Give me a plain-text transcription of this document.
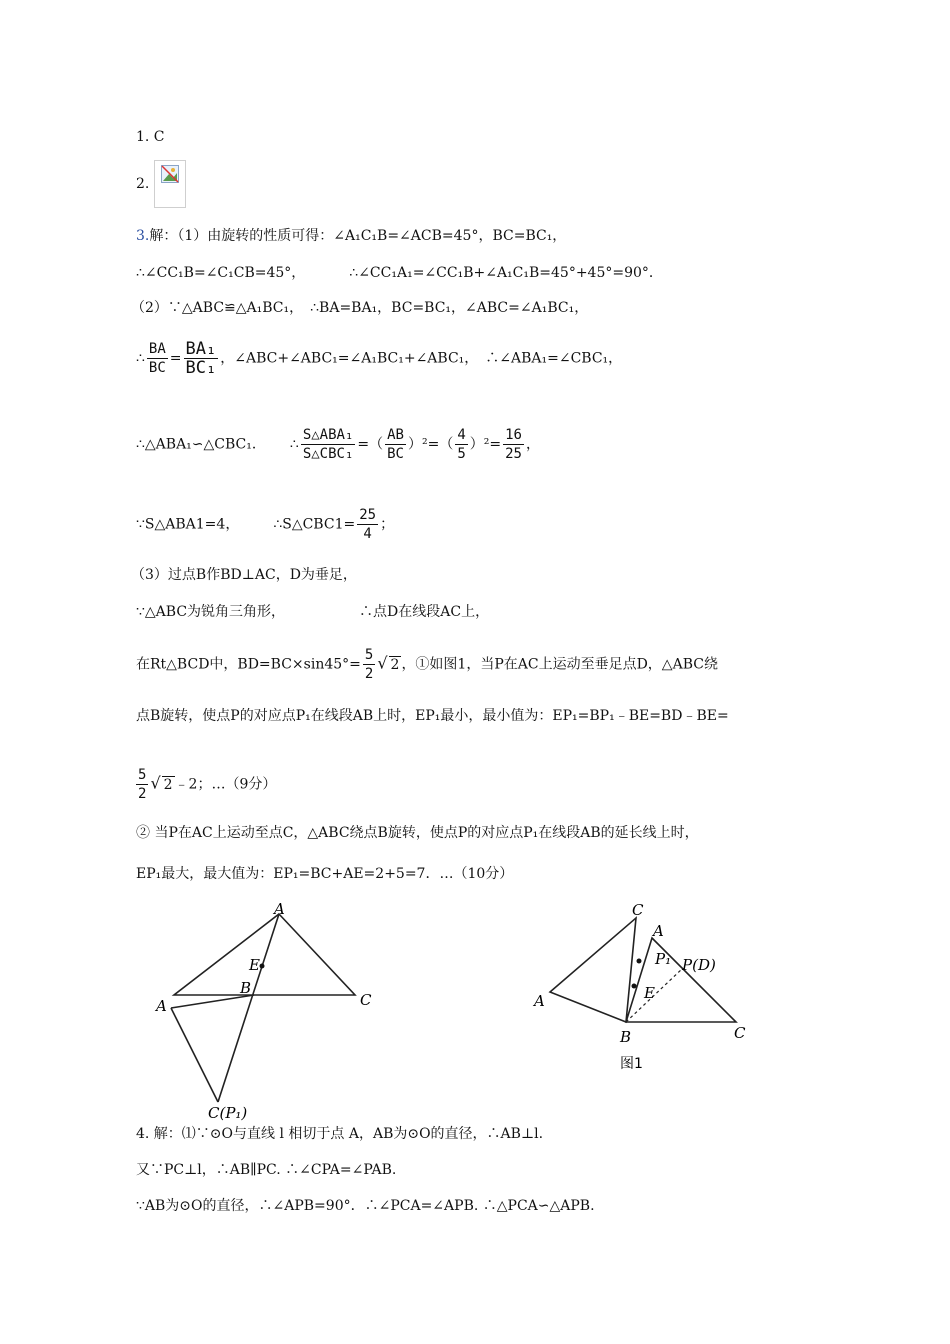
1. C
2.
3.解：（1）由旋转的性质可得：∠A₁C₁B=∠ACB=45°，BC=BC₁，
∴∠CC₁B=∠C₁CB=45°，	∴∠CC₁A₁=∠CC₁B+∠A₁C₁B=45°+45°=90°．
（2）∵△ABC≌△A₁BC₁，　∴BA=BA₁，BC=BC₁，∠ABC=∠A₁BC₁，
∴ $\frac{BA}{BC} = \frac{\text{BA₁}}{\text{BC₁}}$ ，∠ABC+∠ABC₁=∠A₁BC₁+∠ABC₁，　∴∠ABA₁=∠CBC₁，
∴△ABA₁∽△CBC₁． ∴ $\frac{\text{S△ABA₁}}{\text{S△CBC₁}}$ =（ $\frac{AB}{BC} )^2=( \frac{4}{5} )^2= \frac{16}{25}$ ，
∵S△ABA1=4， ∴S△CBC1= $\frac{25}{4}$ ；
（3）过点B作BD⊥AC，D为垂足，
∵△ABC为锐角三角形，	∴点D在线段AC上，
在Rt△BCD中，$BD=BC\times\sin 45^\circ= \frac{5}{2}$ √ 2 ，①如图1，当P在AC上运动至垂足点D，△ABC绕
点B旋转，使点P的对应点P₁在线段AB上时，EP₁最小，最小值为：EP₁=BP₁﹣BE=BD﹣BE=
$\frac{5}{2}$ √ 2 ﹣2；…（9分）
② 当P在AC上运动至点C，△ABC绕点B旋转，使点P的对应点P₁在线段AB的延长线上时，
EP₁最大，最大值为：EP₁=BC+AE=2+5=7．…（10分）
A
E
B
C
A
C(P₁)
C
A
P₁ P(D)
E
A
B	C
图1
4. 解：⑴∵⊙O与直线 l 相切于点 A，AB为⊙O的直径，∴AB⊥l.
又∵PC⊥l，∴AB∥PC. ∴∠CPA=∠PAB.
∵AB为⊙O的直径，∴∠APB=90°．∴∠PCA=∠APB. ∴△PCA∽△APB.
